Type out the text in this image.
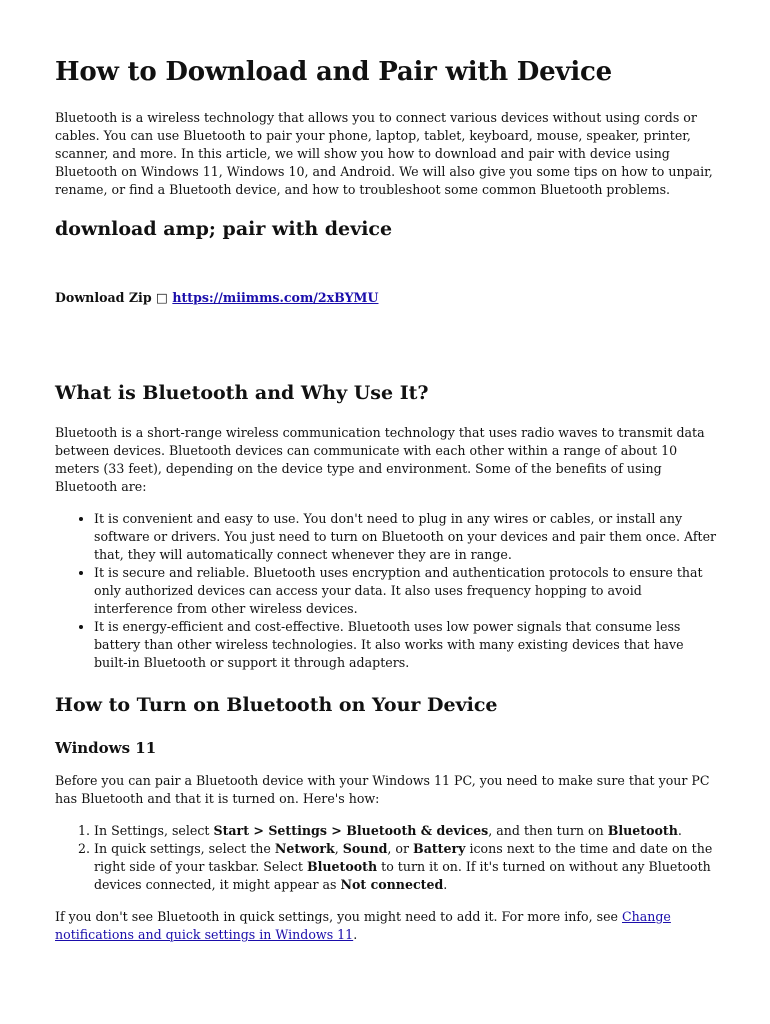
How to Download and Pair with Device

Bluetooth is a wireless technology that allows you to connect various devices without using cords or cables. You can use Bluetooth to pair your phone, laptop, tablet, keyboard, mouse, speaker, printer, scanner, and more. In this article, we will show you how to download and pair with device using Bluetooth on Windows 11, Windows 10, and Android. We will also give you some tips on how to unpair, rename, or find a Bluetooth device, and how to troubleshoot some common Bluetooth problems.

download amp; pair with device

Download Zip □ https://miimms.com/2xBYMU

What is Bluetooth and Why Use It?

Bluetooth is a short-range wireless communication technology that uses radio waves to transmit data between devices. Bluetooth devices can communicate with each other within a range of about 10 meters (33 feet), depending on the device type and environment. Some of the benefits of using Bluetooth are:

• It is convenient and easy to use. You don't need to plug in any wires or cables, or install any software or drivers. You just need to turn on Bluetooth on your devices and pair them once. After that, they will automatically connect whenever they are in range.
• It is secure and reliable. Bluetooth uses encryption and authentication protocols to ensure that only authorized devices can access your data. It also uses frequency hopping to avoid interference from other wireless devices.
• It is energy-efficient and cost-effective. Bluetooth uses low power signals that consume less battery than other wireless technologies. It also works with many existing devices that have built-in Bluetooth or support it through adapters.
How to Turn on Bluetooth on Your Device
Windows 11

Before you can pair a Bluetooth device with your Windows 11 PC, you need to make sure that your PC has Bluetooth and that it is turned on. Here's how:

1. In Settings, select Start > Settings > Bluetooth & devices, and then turn on Bluetooth.
2. In quick settings, select the Network, Sound, or Battery icons next to the time and date on the right side of your taskbar. Select Bluetooth to turn it on. If it's turned on without any Bluetooth devices connected, it might appear as Not connected.

If you don't see Bluetooth in quick settings, you might need to add it. For more info, see Change notifications and quick settings in Windows 11.
